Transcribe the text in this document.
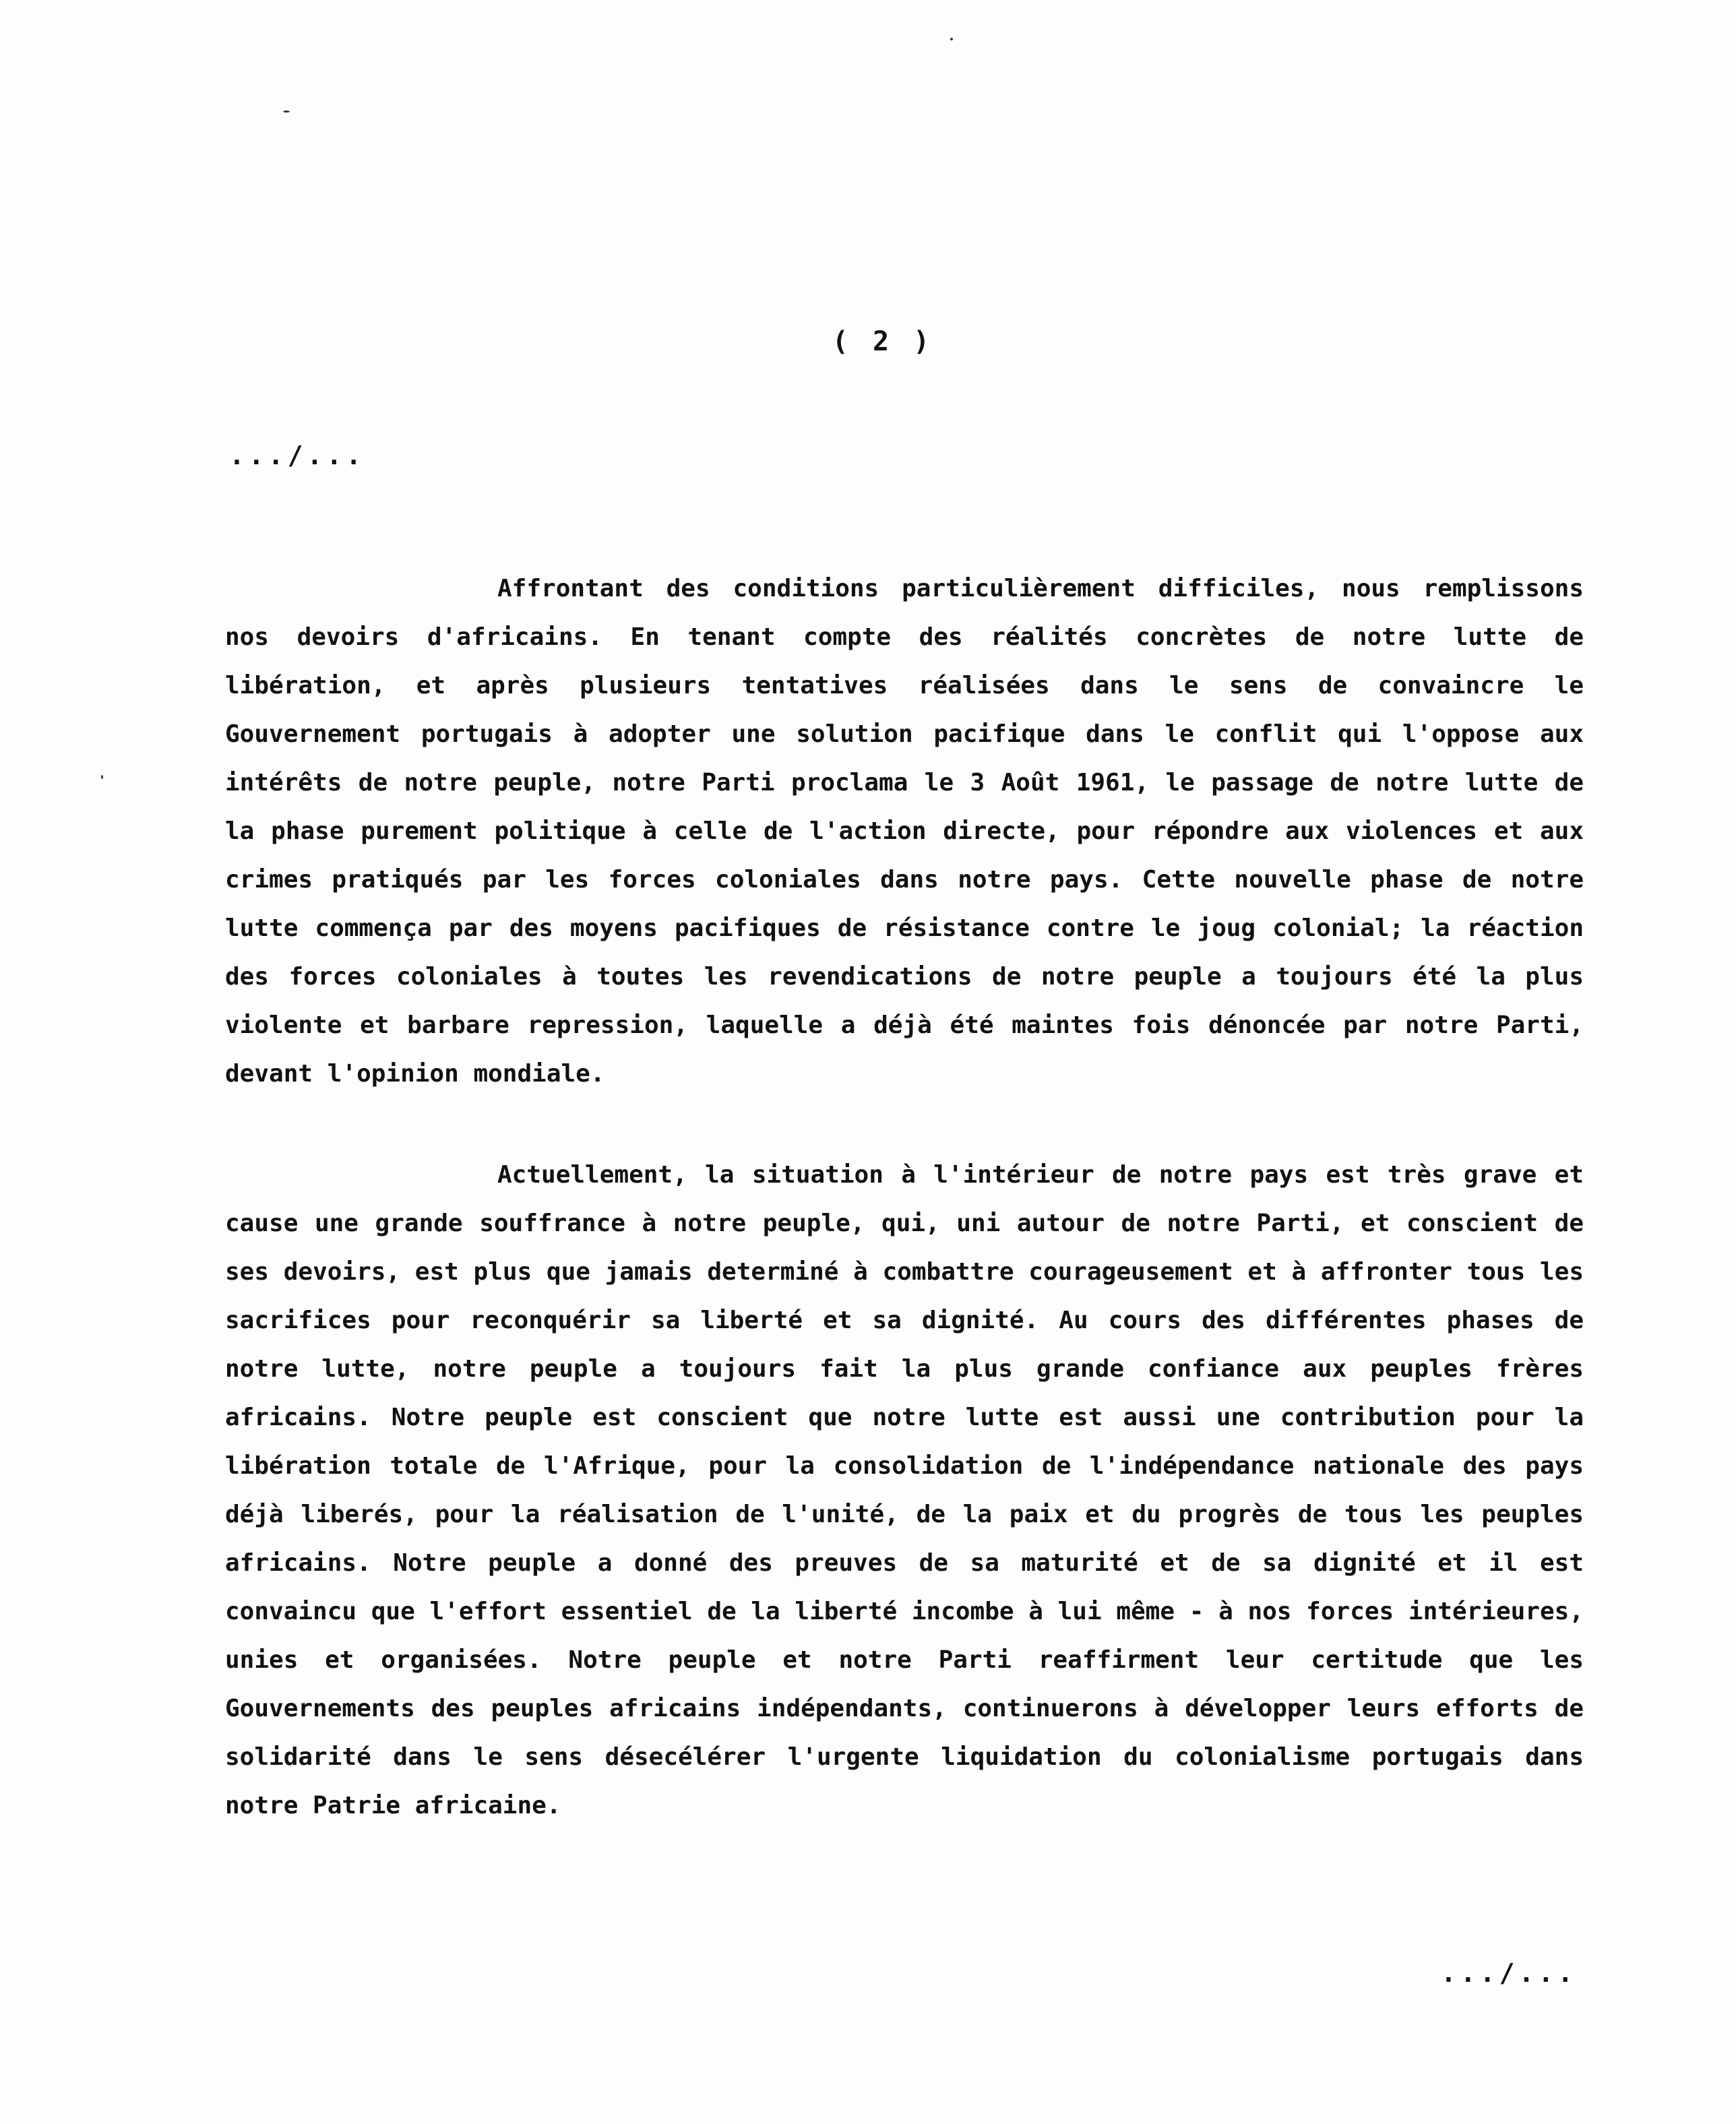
( 2 )
.../...

Affrontant des conditions particulièrement difficiles, nous remplissons nos devoirs d'africains. En tenant compte des réalités concrètes de notre lutte de libération, et après plusieurs tentatives réalisées dans le sens de convaincre le Gouvernement portugais à adopter une solution pacifique dans le conflit qui l'oppose aux intérêts de notre peuple, notre Parti proclama le 3 Août 1961, le passage de notre lutte de la phase purement politique à celle de l'action directe, pour répondre aux violences et aux crimes pratiqués par les forces coloniales dans notre pays. Cette nouvelle phase de notre lutte commença par des moyens pacifiques de résistance contre le joug colonial; la réaction des forces coloniales à toutes les revendications de notre peuple a toujours été la plus violente et barbare repression, laquelle a déjà été maintes fois dénoncée par notre Parti, devant l'opinion mondiale.

Actuellement, la situation à l'intérieur de notre pays est très grave et cause une grande souffrance à notre peuple, qui, uni autour de notre Parti, et conscient de ses devoirs, est plus que jamais determiné à combattre courageusement et à affronter tous les sacrifices pour reconquérir sa liberté et sa dignité. Au cours des différentes phases de notre lutte, notre peuple a toujours fait la plus grande confiance aux peuples frères africains. Notre peuple est conscient que notre lutte est aussi une contribution pour la libération totale de l'Afrique, pour la consolidation de l'indépendance nationale des pays déjà liberés, pour la réalisation de l'unité, de la paix et du progrès de tous les peuples africains. Notre peuple a donné des preuves de sa maturité et de sa dignité et il est convaincu que l'effort essentiel de la liberté incombe à lui même - à nos forces intérieures, unies et organisées. Notre peuple et notre Parti reaffirment leur certitude que les Gouvernements des peuples africains indépendants, continuerons à développer leurs efforts de solidarité dans le sens désecélérer l'urgente liquidation du colonialisme portugais dans notre Patrie africaine.

.../...
